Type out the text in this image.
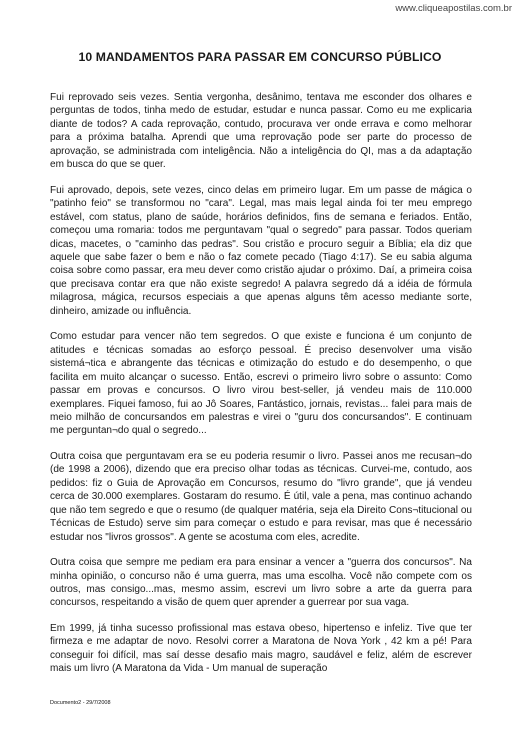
www.cliqueapostilas.com.br
10 MANDAMENTOS PARA PASSAR EM CONCURSO PÚBLICO

Fui reprovado seis vezes. Sentia vergonha, desânimo, tentava me esconder dos olhares e perguntas de todos, tinha medo de estudar, estudar e nunca passar. Como eu me explicaria diante de todos? A cada reprovação, contudo, procurava ver onde errava e como melhorar para a próxima batalha. Aprendi que uma reprovação pode ser parte do processo de aprovação, se administrada com inteligência. Não a inteligência do QI, mas a da adaptação em busca do que se quer.

Fui aprovado, depois, sete vezes, cinco delas em primeiro lugar. Em um passe de mágica o "patinho feio" se transformou no "cara". Legal, mas mais legal ainda foi ter meu emprego estável, com status, plano de saúde, horários definidos, fins de semana e feriados. Então, começou uma romaria: todos me perguntavam "qual o segredo" para passar. Todos queriam dicas, macetes, o "caminho das pedras". Sou cristão e procuro seguir a Bíblia; ela diz que aquele que sabe fazer o bem e não o faz comete pecado (Tiago 4:17). Se eu sabia alguma coisa sobre como passar, era meu dever como cristão ajudar o próximo. Daí, a primeira coisa que precisava contar era que não existe segredo! A palavra segredo dá a idéia de fórmula milagrosa, mágica, recursos especiais a que apenas alguns têm acesso mediante sorte, dinheiro, amizade ou influência.

Como estudar para vencer não tem segredos. O que existe e funciona é um conjunto de atitudes e técnicas somadas ao esforço pessoal. É preciso desenvolver uma visão sistemá¬tica e abrangente das técnicas e otimização do estudo e do desempenho, o que facilita em muito alcançar o sucesso. Então, escrevi o primeiro livro sobre o assunto: Como passar em provas e concursos. O livro virou best-seller, já vendeu mais de 110.000 exemplares. Fiquei famoso, fui ao Jô Soares, Fantástico, jornais, revistas... falei para mais de meio milhão de concursandos em palestras e virei o "guru dos concursandos". E continuam me perguntan¬do qual o segredo...

Outra coisa que perguntavam era se eu poderia resumir o livro. Passei anos me recusan¬do (de 1998 a 2006), dizendo que era preciso olhar todas as técnicas. Curvei-me, contudo, aos pedidos: fiz o Guia de Aprovação em Concursos, resumo do "livro grande", que já vendeu cerca de 30.000 exemplares. Gostaram do resumo. É útil, vale a pena, mas continuo achando que não tem segredo e que o resumo (de qualquer matéria, seja ela Direito Cons¬titucional ou Técnicas de Estudo) serve sim para começar o estudo e para revisar, mas que é necessário estudar nos "livros grossos". A gente se acostuma com eles, acredite.

Outra coisa que sempre me pediam era para ensinar a vencer a "guerra dos concursos". Na minha opinião, o concurso não é uma guerra, mas uma escolha. Você não compete com os outros, mas consigo...mas, mesmo assim, escrevi um livro sobre a arte da guerra para concursos, respeitando a visão de quem quer aprender a guerrear por sua vaga.

Em 1999, já tinha sucesso profissional mas estava obeso, hipertenso e infeliz. Tive que ter firmeza e me adaptar de novo. Resolvi correr a Maratona de Nova York , 42 km a pé! Para conseguir foi difícil, mas saí desse desafio mais magro, saudável e feliz, além de escrever mais um livro (A Maratona da Vida - Um manual de superação

Documento2 - 29/7/2008
